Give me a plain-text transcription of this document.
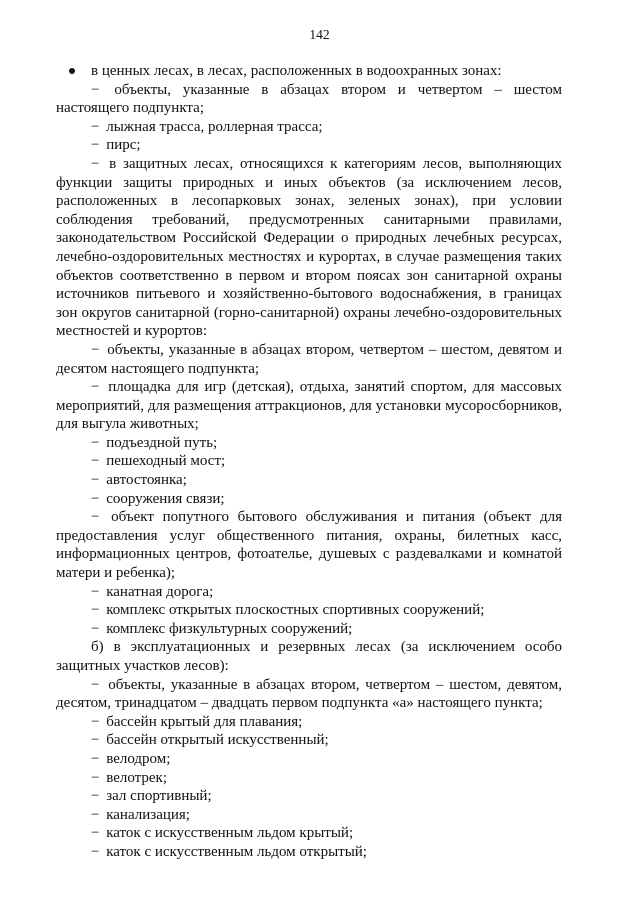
142

в ценных лесах, в лесах, расположенных в водоохранных зонах:

− объекты, указанные в абзацах втором и четвертом – шестом настоящего подпункта;

− лыжная трасса, роллерная трасса;

− пирс;

− в защитных лесах, относящихся к категориям лесов, выполняющих функции защиты природных и иных объектов (за исключением лесов, расположенных в лесопарковых зонах, зеленых зонах), при условии соблюдения требований, предусмотренных санитарными правилами, законодательством Российской Федерации о природных лечебных ресурсах, лечебно-оздоровительных местностях и курортах, в случае размещения таких объектов соответственно в первом и втором поясах зон санитарной охраны источников питьевого и хозяйственно-бытового водоснабжения, в границах зон округов санитарной (горно-санитарной) охраны лечебно-оздоровительных местностей и курортов:

− объекты, указанные в абзацах втором, четвертом – шестом, девятом и десятом настоящего подпункта;

− площадка для игр (детская), отдыха, занятий спортом, для массовых мероприятий, для размещения аттракционов, для установки мусоросборников, для выгула животных;

− подъездной путь;

− пешеходный мост;

− автостоянка;

− сооружения связи;

− объект попутного бытового обслуживания и питания (объект для предоставления услуг общественного питания, охраны, билетных касс, информационных центров, фотоателье, душевых с раздевалками и комнатой матери и ребенка);

− канатная дорога;

− комплекс открытых плоскостных спортивных сооружений;

− комплекс физкультурных сооружений;

б) в эксплуатационных и резервных лесах (за исключением особо защитных участков лесов):

− объекты, указанные в абзацах втором, четвертом – шестом, девятом, десятом, тринадцатом – двадцать первом подпункта «а» настоящего пункта;

− бассейн крытый для плавания;

− бассейн открытый искусственный;

− велодром;

− велотрек;

− зал спортивный;

− канализация;

− каток с искусственным льдом крытый;

− каток с искусственным льдом открытый;
